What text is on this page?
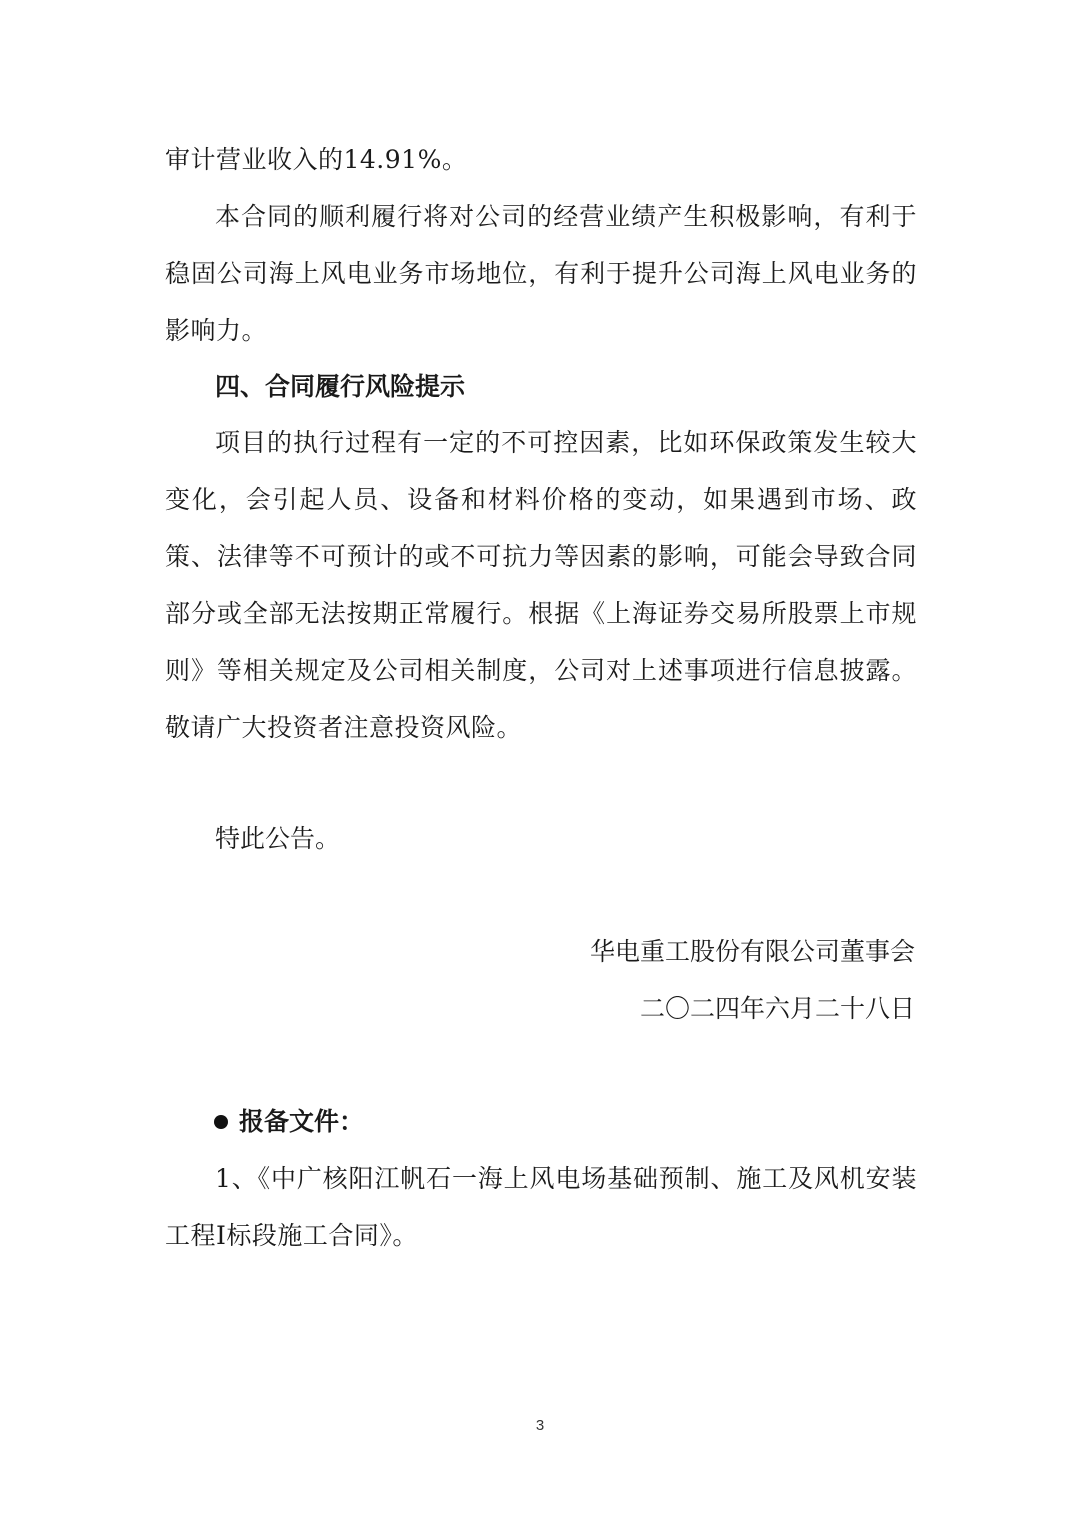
审计营业收入的14.91%。

本合同的顺利履行将对公司的经营业绩产生积极影响，有利于稳固公司海上风电业务市场地位，有利于提升公司海上风电业务的影响力。

四、合同履行风险提示

项目的执行过程有一定的不可控因素，比如环保政策发生较大变化，会引起人员、设备和材料价格的变动，如果遇到市场、政策、法律等不可预计的或不可抗力等因素的影响，可能会导致合同部分或全部无法按期正常履行。根据《上海证券交易所股票上市规则》等相关规定及公司相关制度，公司对上述事项进行信息披露。敬请广大投资者注意投资风险。

特此公告。

华电重工股份有限公司董事会

二〇二四年六月二十八日

报备文件：

1、《中广核阳江帆石一海上风电场基础预制、施工及风机安装工程Ⅰ标段施工合同》。

3
